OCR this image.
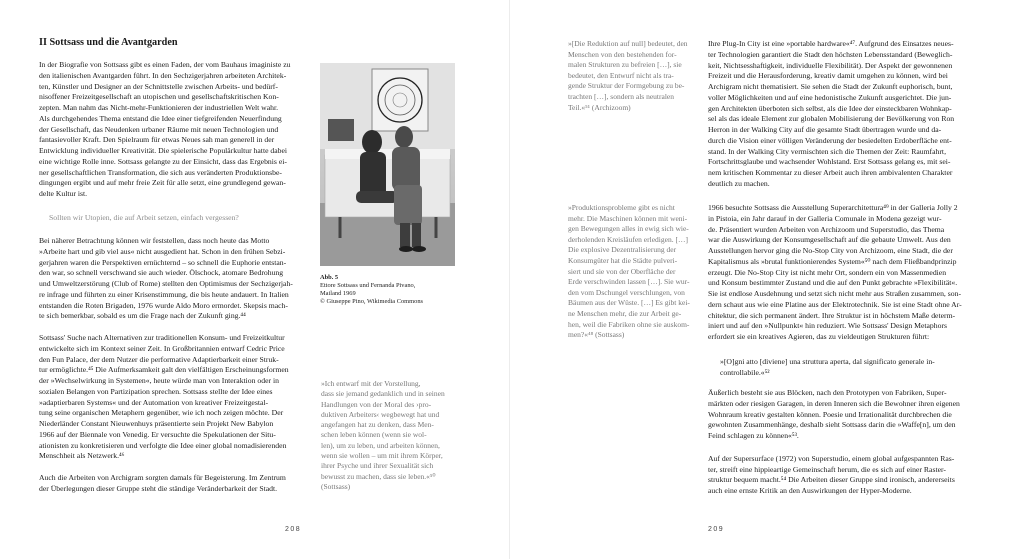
II Sottsass und die Avantgarden

In der Biografie von Sottsass gibt es einen Faden, der vom Bauhaus imaginiste zu
den italienischen Avantgarden führt. In den Sechzigerjahren arbeiteten Architek-
ten, Künstler und Designer an der Schnittstelle zwischen Arbeits- und bedürf-
nisoffener Freizeitgesellschaft an utopischen und gesellschaftskritischen Kon-
zepten. Man nahm das Nicht-mehr-Funktionieren der industriellen Welt wahr.
Als durchgehendes Thema entstand die Idee einer tiefgreifenden Neuerfindung
der Gesellschaft, das Neudenken urbaner Räume mit neuen Technologien und
fantasievoller Kraft. Den Spielraum für etwas Neues sah man generell in der
Entwicklung individueller Kreativität. Die spielerische Populärkultur hatte dabei
eine wichtige Rolle inne. Sottsass gelangte zu der Einsicht, dass das Ergebnis ei-
ner gesellschaftlichen Transformation, die sich aus veränderten Produktionsbe-
dingungen ergibt und auf mehr freie Zeit für alle setzt, eine grundlegend gewan-
delte Kultur ist.

Sollten wir Utopien, die auf Arbeit setzen, einfach vergessen?

Bei näherer Betrachtung können wir feststellen, dass noch heute das Motto
»Arbeite hart und gib viel aus« nicht ausgedient hat. Schon in den frühen Sebzi-
gerjahren waren die Perspektiven ernüchternd – so schnell die Euphorie entstan-
den war, so schnell verschwand sie auch wieder. Ölschock, atomare Bedrohung
und Umweltzerstörung (Club of Rome) stellten den Optimismus der Sechzigerjah-
re infrage und führten zu einer Krisenstimmung, die bis heute andauert. In Italien
entstanden die Roten Brigaden, 1976 wurde Aldo Moro ermordet. Skepsis mach-
te sich bemerkbar, sobald es um die Frage nach der Zukunft ging.⁴⁴

Sottsass' Suche nach Alternativen zur traditionellen Konsum- und Freizeitkultur
entwickelte sich im Kontext seiner Zeit. In Großbritannien entwarf Cedric Price
den Fun Palace, der dem Nutzer die performative Adaptierbarkeit einer Struk-
tur ermöglichte.⁴⁵ Die Aufmerksamkeit galt den vielfältigen Erscheinungsformen
der »Wechselwirkung in Systemen«, heute würde man von Interaktion oder in
sozialen Belangen von Partizipation sprechen. Sottsass stellte der Idee eines
»adaptierbaren Systems« und der Automation von kreativer Freizeitgestal-
tung seine organischen Metaphern gegenüber, wie ich noch zeigen möchte. Der
Niederländer Constant Nieuwenhuys präsentierte sein Projekt New Babylon
1966 auf der Biennale von Venedig. Er versuchte die Spekulationen der Situ-
ationisten zu konkretisieren und verfolgte die Idee einer global nomadisierenden
Menschheit als Netzwerk.⁴⁶

Auch die Arbeiten von Archigram sorgten damals für Begeisterung. Im Zentrum
der Überlegungen dieser Gruppe steht die ständige Veränderbarkeit der Stadt.

Abb. 5
Ettore Sottsass und Fernanda Pivano,
Mailand 1969
© Giuseppe Pino, Wikimedia Commons

»Ich entwarf mit der Vorstellung,
dass sie jemand gedanklich und in seinen
Handlungen von der Moral des ›pro-
duktiven Arbeiters‹ wegbewegt hat und
angefangen hat zu denken, dass Men-
schen leben können (wenn sie wol-
len), um zu leben, und arbeiten können,
wenn sie wollen – um mit ihrem Körper,
ihrer Psyche und ihrer Sexualität sich
bewusst zu machen, dass sie leben.«⁵⁰
(Sottsass)

208

»[Die Reduktion auf null] bedeutet, den
Menschen von den bestehenden for-
malen Strukturen zu befreien […], sie
bedeutet, den Entwurf nicht als tra-
gende Struktur der Formgebung zu be-
trachten […], sondern als neutralen
Teil.«⁵¹ (Archizoom)

»Produktionsprobleme gibt es nicht
mehr. Die Maschinen können mit weni-
gen Bewegungen alles in ewig sich wie-
derholenden Kreisläufen erledigen. […]
Die explosive Dezentralisierung der
Konsumgüter hat die Städte pulveri-
siert und sie von der Oberfläche der
Erde verschwinden lassen […]. Sie wur-
den vom Dschungel verschlungen, von
Bäumen aus der Wüste. […] Es gibt kei-
ne Menschen mehr, die zur Arbeit ge-
hen, weil die Fabriken ohne sie auskom-
men?«⁴⁸ (Sottsass)

Ihre Plug-In City ist eine »portable hardware«⁴⁷. Aufgrund des Einsatzes neues-
ter Technologien garantiert die Stadt den höchsten Lebensstandard (Beweglich-
keit, Nichtsesshaftigkeit, individuelle Flexibilität). Der Aspekt der gewonnenen
Freizeit und die Herausforderung, kreativ damit umgehen zu können, wird bei
Archigram nicht thematisiert. Sie sehen die Stadt der Zukunft euphorisch, bunt,
voller Möglichkeiten und auf eine hedonistische Zukunft ausgerichtet. Die jun-
gen Architekten überboten sich selbst, als die Idee der einsteckbaren Wohnkap-
sel als das ideale Element zur globalen Mobilisierung der Bevölkerung von Ron
Herron in der Walking City auf die gesamte Stadt übertragen wurde und da-
durch die Vision einer völligen Veränderung der besiedelten Erdoberfläche ent-
stand. In der Walking City vermischten sich die Themen der Zeit: Raumfahrt,
Fortschrittsglaube und wachsender Wohlstand. Erst Sottsass gelang es, mit sei-
nem kritischen Kommentar zu dieser Arbeit auch ihren ambivalenten Charakter
deutlich zu machen.

1966 besuchte Sottsass die Ausstellung Superarchitettura⁴⁹ in der Galleria Jolly 2
in Pistoia, ein Jahr darauf in der Galleria Comunale in Modena gezeigt wur-
de. Präsentiert wurden Arbeiten von Archizoom und Superstudio, das Thema
war die Auswirkung der Konsumgesellschaft auf die gebaute Umwelt. Aus den
Ausstellungen hervor ging die No-Stop City von Archizoom, eine Stadt, die der
Kapitalismus als »brutal funktionierendes System«⁵⁰ nach dem Fließbandprinzip
erzeugt. Die No-Stop City ist nicht mehr Ort, sondern ein von Massenmedien
und Konsum bestimmter Zustand und die auf den Punkt gebrachte »Flexibilität«.
Sie ist endlose Ausdehnung und setzt sich nicht mehr aus Straßen zusammen, son-
dern schaut aus wie eine Platine aus der Elektrotechnik. Sie ist eine Stadt ohne Ar-
chitektur, die sich permanent ändert. Ihre Struktur ist in höchstem Maße determ-
iniert und auf den »Nullpunkt« hin reduziert. Wie Sottsass' Design Metaphors
erfordert sie ein kreatives Agieren, das zu vieldeutigen Strukturen führt:

»[O]gni atto [diviene] una struttura aperta, dal significato generale in-
controllabile.«⁵²

Äußerlich besteht sie aus Blöcken, nach den Prototypen von Fabriken, Super-
märkten oder riesigen Garagen, in deren Inneren sich die Bewohner ihren eigenen
Wohnraum kreativ gestalten können. Poesie und Irrationalität durchbrechen die
gewohnten Zusammenhänge, deshalb sieht Sottsass darin die »Waffe[n], um den
Feind schlagen zu können«⁵³.

Auf der Supersurface (1972) von Superstudio, einem global aufgespannten Ras-
ter, streift eine hippieartige Gemeinschaft herum, die es sich auf einer Raster-
struktur bequem macht.⁵⁴ Die Arbeiten dieser Gruppe sind ironisch, andererseits
auch eine ernste Kritik an den Auswirkungen der Hyper-Moderne.

209
